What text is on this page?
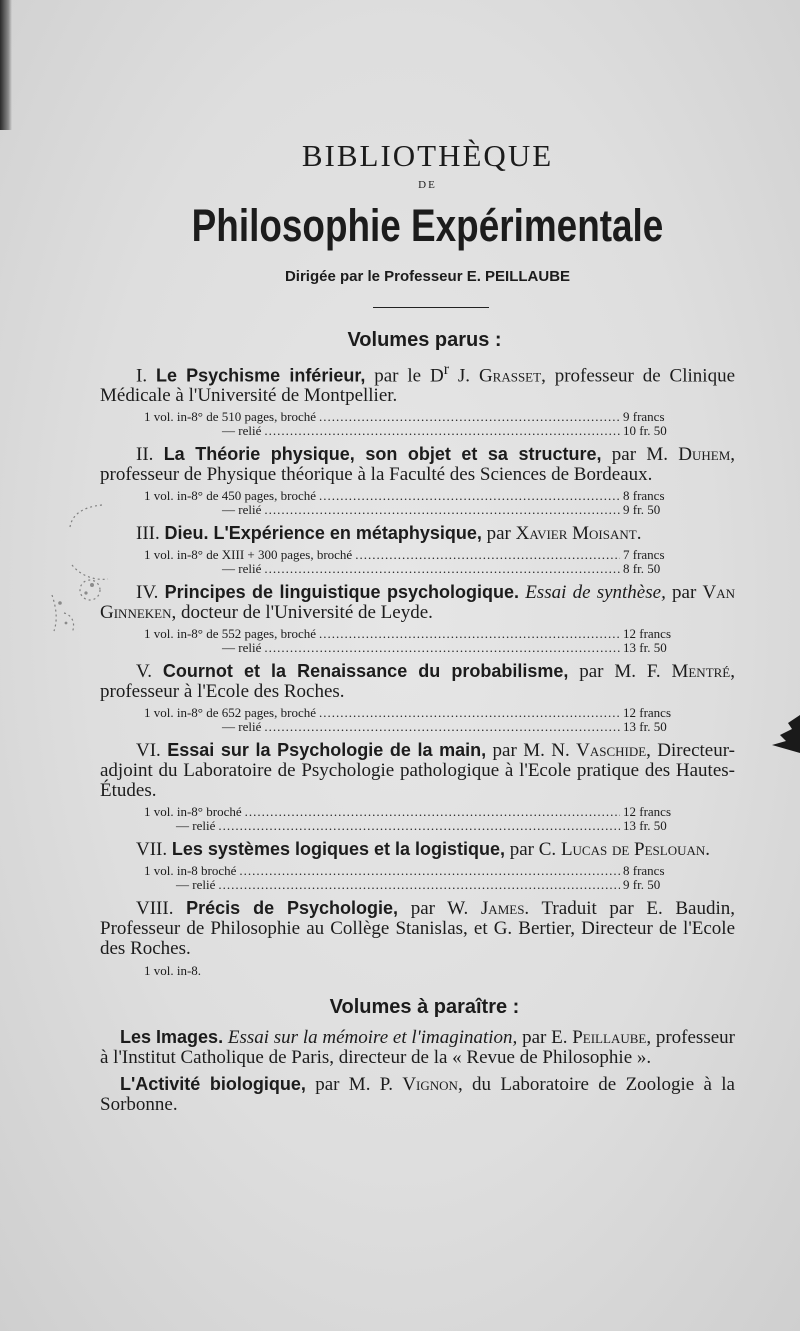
BIBLIOTHÈQUE
DE
Philosophie Expérimentale
Dirigée par le Professeur E. PEILLAUBE
Volumes parus :
I. Le Psychisme inférieur, par le $D^r$ J. Grasset, professeur de Clinique Médicale à l'Université de Montpellier.
1 vol. in-8° de 510 pages, broché .....	9 francs
— relié .....	10 fr. 50
II. La Théorie physique, son objet et sa structure, par M. Duhem, professeur de Physique théorique à la Faculté des Sciences de Bordeaux.
1 vol. in-8° de 450 pages, broché .....	8 francs
— relié .....	9 fr. 50
III. Dieu. L'Expérience en métaphysique, par Xavier Moisant.
1 vol. in-8° de XIII + 300 pages, broché .....	7 francs
— relié .....	8 fr. 50
IV. Principes de linguistique psychologique. Essai de synthèse, par Van Ginneken, docteur de l'Université de Leyde.
1 vol. in-8° de 552 pages, broché .....	12 francs
— relié .....	13 fr. 50
V. Cournot et la Renaissance du probabilisme, par M. F. Mentré, professeur à l'Ecole des Roches.
1 vol. in-8° de 652 pages, broché .....	12 francs
— relié .....	13 fr. 50
VI. Essai sur la Psychologie de la main, par M. N. Vaschide, Directeur-adjoint du Laboratoire de Psychologie pathologique à l'Ecole pratique des Hautes-Études.
1 vol. in-8° broché .....	12 francs
— relié .....	13 fr. 50
VII. Les systèmes logiques et la logistique, par C. Lucas de Peslouan.
1 vol. in-8 broché .....	8 francs
— relié .....	9 fr. 50
VIII. Précis de Psychologie, par W. James. Traduit par E. Baudin, Professeur de Philosophie au Collège Stanislas, et G. Bertier, Directeur de l'Ecole des Roches.
1 vol. in-8.
Volumes à paraître :
Les Images. Essai sur la mémoire et l'imagination, par E. Peillaube, professeur à l'Institut Catholique de Paris, directeur de la « Revue de Philosophie ».
L'Activité biologique, par M. P. Vignon, du Laboratoire de Zoologie à la Sorbonne.
